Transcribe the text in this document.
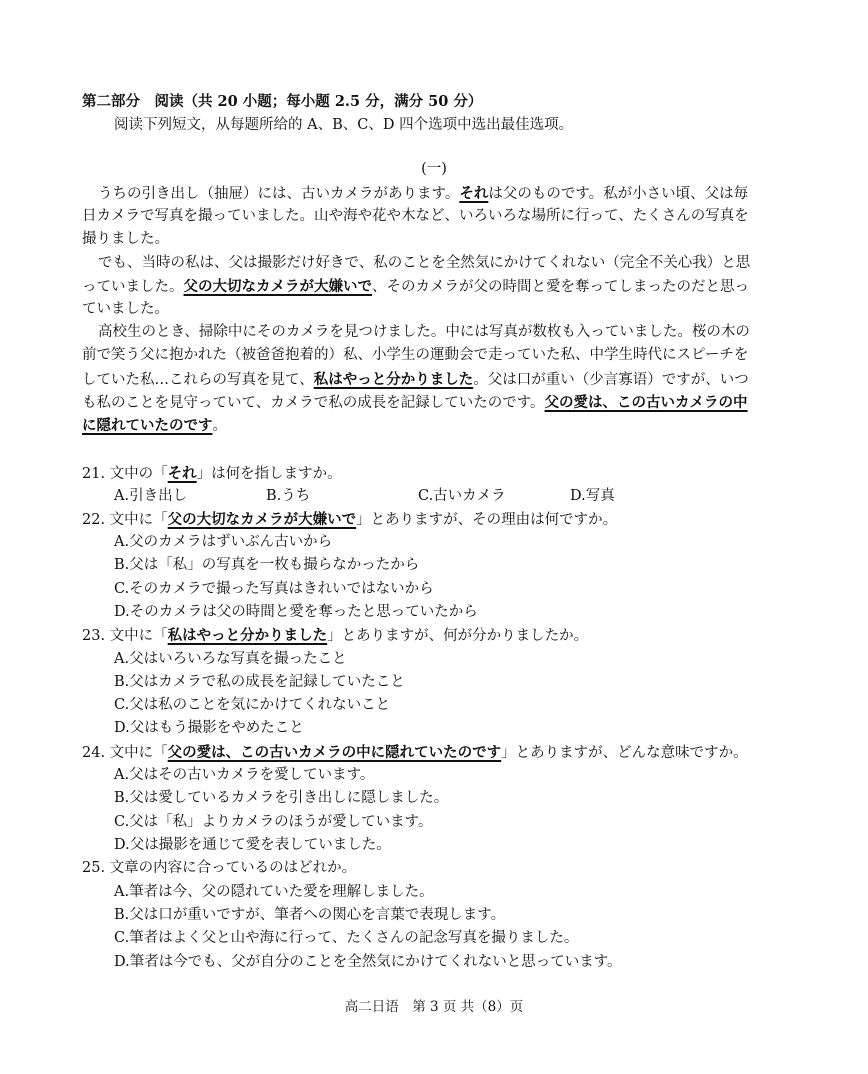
第二部分　阅读（共 20 小题；每小题 2.5 分，满分 50 分）
阅读下列短文，从每题所给的 A、B、C、D 四个选项中选出最佳选项。
(一)
うちの引き出し（抽屉）には、古いカメラがあります。それは父のものです。私が小さい頃、父は毎
日カメラで写真を撮っていました。山や海や花や木など、いろいろな場所に行って、たくさんの写真を
撮りました。
でも、当時の私は、父は撮影だけ好きで、私のことを全然気にかけてくれない（完全不关心我）と思
っていました。父の大切なカメラが大嫌いで、そのカメラが父の時間と愛を奪ってしまったのだと思っ
ていました。
高校生のとき、掃除中にそのカメラを見つけました。中には写真が数枚も入っていました。桜の木の
前で笑う父に抱かれた（被爸爸抱着的）私、小学生の運動会で走っていた私、中学生時代にスピーチを
していた私…これらの写真を見て、私はやっと分かりました。父は口が重い（少言寡语）ですが、いつ
も私のことを見守っていて、カメラで私の成長を記録していたのです。父の愛は、この古いカメラの中
に隠れていたのです。
21. 文中の「それ」は何を指しますか。
A.引き出し	B.うち	C.古いカメラ	D.写真
22. 文中に「父の大切なカメラが大嫌いで」とありますが、その理由は何ですか。
A.父のカメラはずいぶん古いから
B.父は「私」の写真を一枚も撮らなかったから
C.そのカメラで撮った写真はきれいではないから
D.そのカメラは父の時間と愛を奪ったと思っていたから
23. 文中に「私はやっと分かりました」とありますが、何が分かりましたか。
A.父はいろいろな写真を撮ったこと
B.父はカメラで私の成長を記録していたこと
C.父は私のことを気にかけてくれないこと
D.父はもう撮影をやめたこと
24. 文中に「父の愛は、この古いカメラの中に隠れていたのです」とありますが、どんな意味ですか。
A.父はその古いカメラを愛しています。
B.父は愛しているカメラを引き出しに隠しました。
C.父は「私」よりカメラのほうが愛しています。
D.父は撮影を通じて愛を表していました。
25. 文章の内容に合っているのはどれか。
A.筆者は今、父の隠れていた愛を理解しました。
B.父は口が重いですが、筆者への関心を言葉で表現します。
C.筆者はよく父と山や海に行って、たくさんの記念写真を撮りました。
D.筆者は今でも、父が自分のことを全然気にかけてくれないと思っています。
高二日语　第 3 页 共（8）页
